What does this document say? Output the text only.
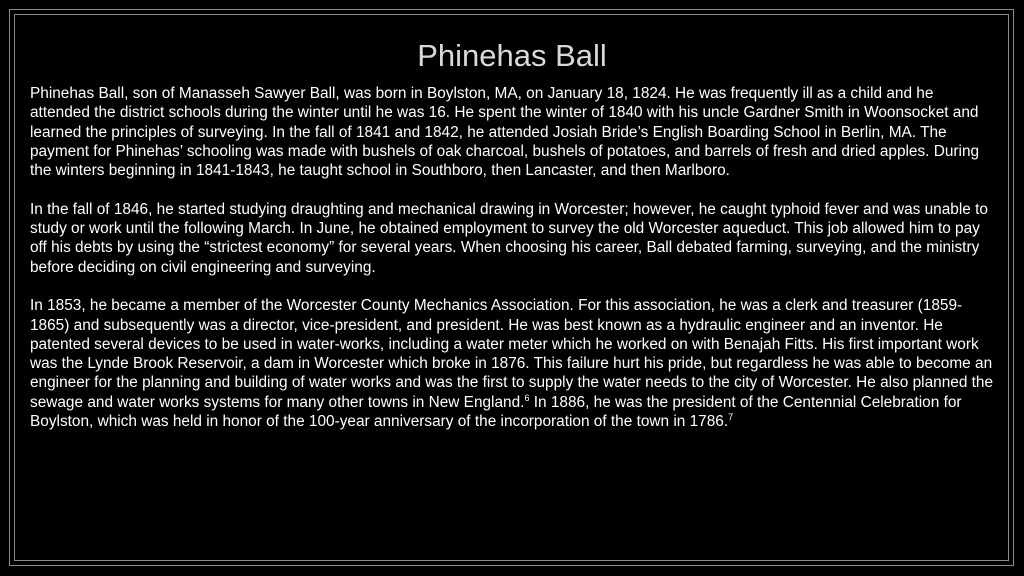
Phinehas Ball

Phinehas Ball, son of Manasseh Sawyer Ball, was born in Boylston, MA, on January 18, 1824. He was frequently ill as a child and he attended the district schools during the winter until he was 16. He spent the winter of 1840 with his uncle Gardner Smith in Woonsocket and learned the principles of surveying. In the fall of 1841 and 1842, he attended Josiah Bride’s English Boarding School in Berlin, MA. The payment for Phinehas’ schooling was made with bushels of oak charcoal, bushels of potatoes, and barrels of fresh and dried apples. During the winters beginning in 1841-1843, he taught school in Southboro, then Lancaster, and then Marlboro.

In the fall of 1846, he started studying draughting and mechanical drawing in Worcester; however, he caught typhoid fever and was unable to study or work until the following March. In June, he obtained employment to survey the old Worcester aqueduct. This job allowed him to pay off his debts by using the “strictest economy” for several years. When choosing his career, Ball debated farming, surveying, and the ministry before deciding on civil engineering and surveying.

In 1853, he became a member of the Worcester County Mechanics Association. For this association, he was a clerk and treasurer (1859-1865) and subsequently was a director, vice-president, and president. He was best known as a hydraulic engineer and an inventor. He patented several devices to be used in water-works, including a water meter which he worked on with Benajah Fitts. His first important work was the Lynde Brook Reservoir, a dam in Worcester which broke in 1876. This failure hurt his pride, but regardless he was able to become an engineer for the planning and building of water works and was the first to supply the water needs to the city of Worcester. He also planned the sewage and water works systems for many other towns in New England.$^6$ In 1886, he was the president of the Centennial Celebration for Boylston, which was held in honor of the 100-year anniversary of the incorporation of the town in 1786.$^7$
